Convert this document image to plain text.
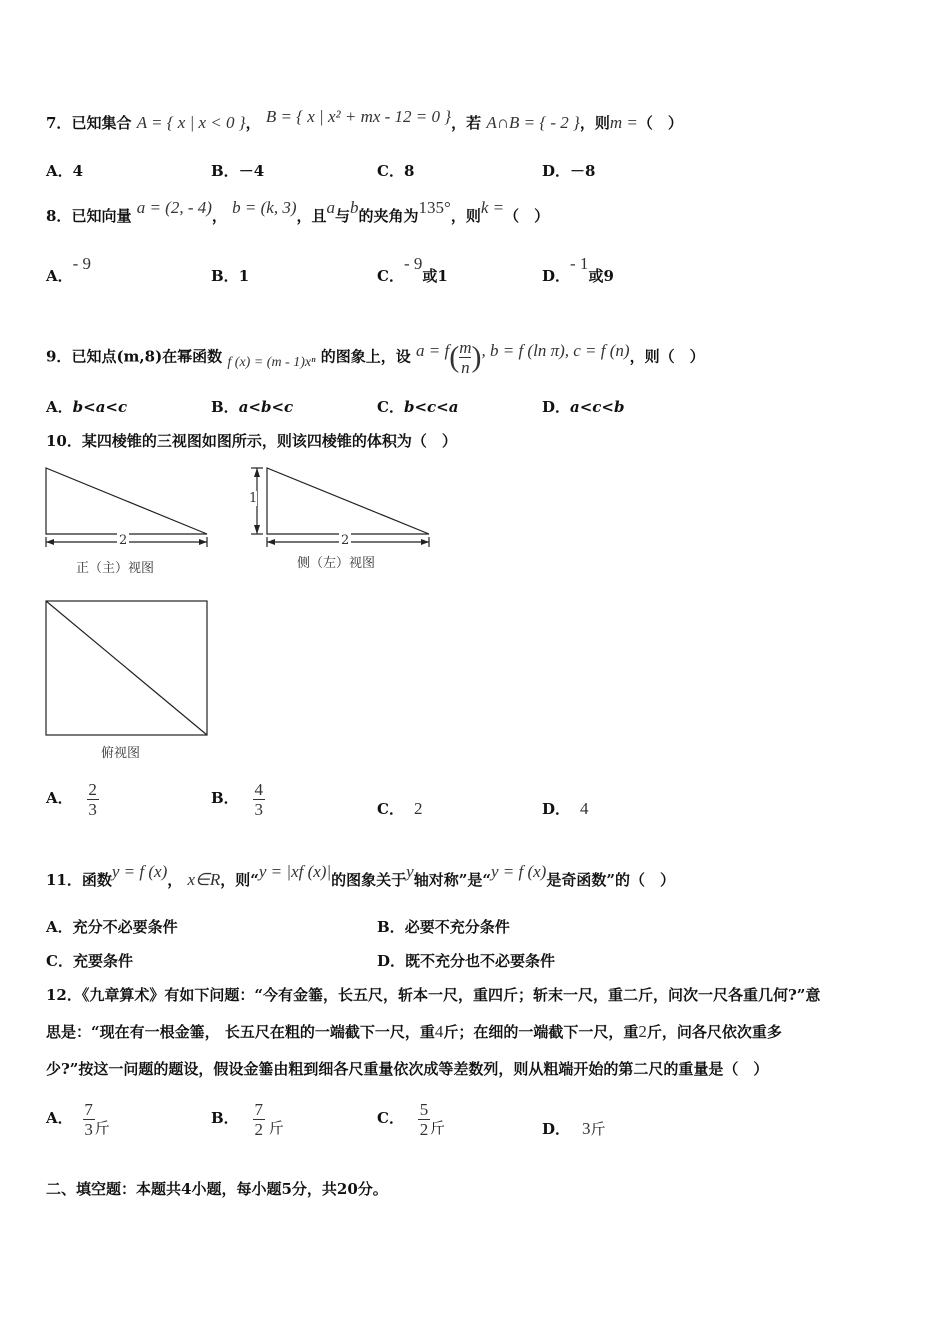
7．已知集合 A = { x | x < 0 }， B = { x | x² + mx - 12 = 0 }，若 A∩B = { - 2 }，则m =（　）
A．4	B．－4	C．8	D．－8
8．已知向量 a = (2, - 4)， b = (k, 3)，且a与b的夹角为135°，则k =（　）
A．- 9
B．1	C．- 9或1	D．- 1或9
9．已知点(m,8)在幂函数 f (x) = (m - 1)xⁿ 的图象上，设 $a = f( \frac{m}{n}$ ), b = f (ln π), c = f (n)，则（　）
A．b<a<c	B．a<b<c	C．b<c<a	D．a<c<b
10．某四棱锥的三视图如图所示，则该四棱锥的体积为（　）
2	2
1
正（主）视图	侧（左）视图
俯视图
A． $\frac{2}{3}$	B． $\frac{4}{3}$	C． 2	D． 4
11．函数y = f (x)， x∈R，则“y = |xf (x)|的图象关于y轴对称”是“y = f (x)是奇函数”的（　）
A．充分不必要条件	B．必要不充分条件
C．充要条件	D．既不充分也不必要条件
12．《九章算术》有如下问题：“今有金箠，长五尺，斩本一尺，重四斤；斩末一尺，重二斤，问次一尺各重几何?”意
思是：“现在有一根金箠， 长五尺在粗的一端截下一尺，重4斤；在细的一端截下一尺，重2斤，问各尺依次重多
少?”按这一问题的题设，假设金箠由粗到细各尺重量依次成等差数列，则从粗端开始的第二尺的重量是（　）
A． $\frac{7}{3}$ 斤
B． $\frac{7}{2}$ 斤
C． $\frac{5}{2}$ 斤	D． 3斤
二、填空题：本题共4小题，每小题5分，共20分。
